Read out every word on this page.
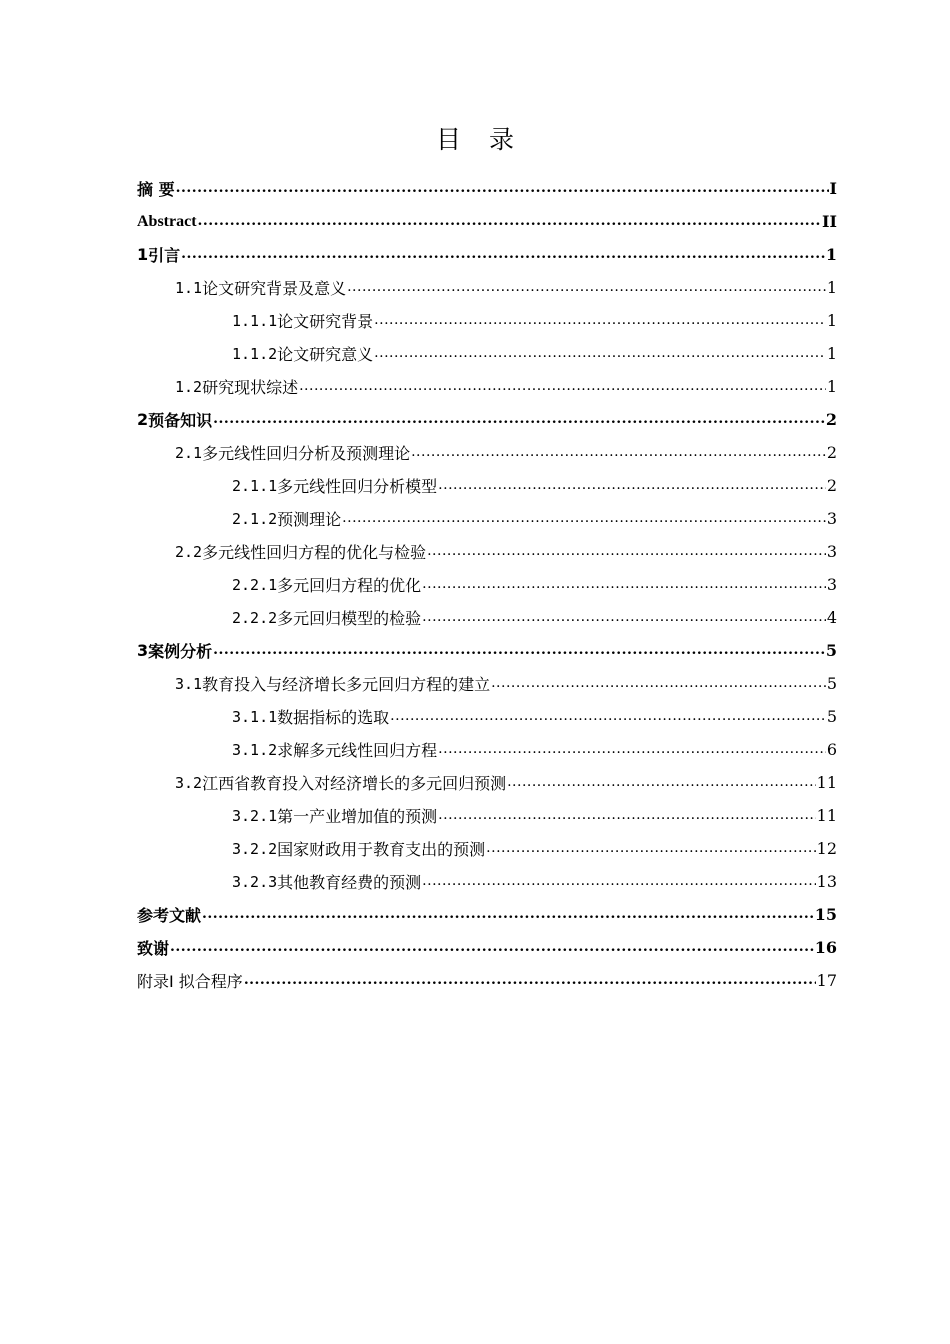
目录
摘 要 .....	I
Abstract .....	II
1 引言 .....	1
1.1 论文研究背景及意义 .....	1
1.1.1 论文研究背景 .....	1
1.1.2 论文研究意义 .....	1
1.2 研究现状综述 .....	1
2 预备知识 .....	2
2.1 多元线性回归分析及预测理论 .....	2
2.1.1 多元线性回归分析模型 .....	2
2.1.2 预测理论 .....	3
2.2 多元线性回归方程的优化与检验 .....	3
2.2.1 多元回归方程的优化 .....	3
2.2.2 多元回归模型的检验 .....	4
3 案例分析 .....	5
3.1 教育投入与经济增长多元回归方程的建立 .....	5
3.1.1 数据指标的选取 .....	5
3.1.2 求解多元线性回归方程 .....	6
3.2 江西省教育投入对经济增长的多元回归预测 .....	11
3.2.1 第一产业增加值的预测 .....	11
3.2.2 国家财政用于教育支出的预测 .....	12
3.2.3 其他教育经费的预测 .....	13
参考文献 .....	15
致谢 .....	16
附录Ⅰ 拟合程序 .....	17
